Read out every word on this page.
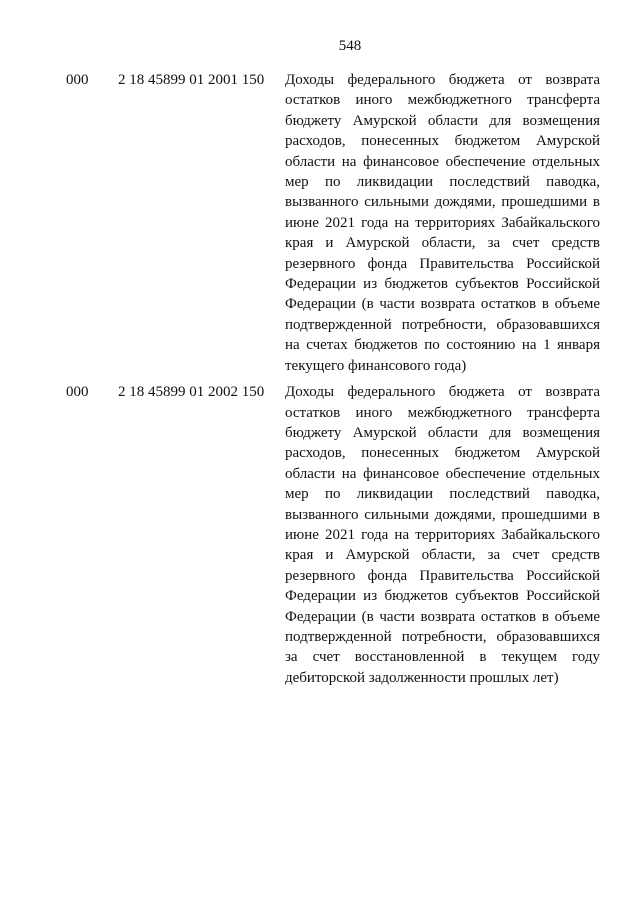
548
000 2 18 45899 01 2001 150 Доходы федерального бюджета от возврата остатков иного межбюджетного трансферта бюджету Амурской области для возмещения расходов, понесенных бюджетом Амурской области на финансовое обеспечение отдельных мер по ликвидации последствий паводка, вызванного сильными дождями, прошедшими в июне 2021 года на территориях Забайкальского края и Амурской области, за счет средств резервного фонда Правительства Российской Федерации из бюджетов субъектов Российской Федерации (в части возврата остатков в объеме подтвержденной потребности, образовавшихся на счетах бюджетов по состоянию на 1 января текущего финансового года)
000 2 18 45899 01 2002 150 Доходы федерального бюджета от возврата остатков иного межбюджетного трансферта бюджету Амурской области для возмещения расходов, понесенных бюджетом Амурской области на финансовое обеспечение отдельных мер по ликвидации последствий паводка, вызванного сильными дождями, прошедшими в июне 2021 года на территориях Забайкальского края и Амурской области, за счет средств резервного фонда Правительства Российской Федерации из бюджетов субъектов Российской Федерации (в части возврата остатков в объеме подтвержденной потребности, образовавшихся за счет восстановленной в текущем году дебиторской задолженности прошлых лет)
